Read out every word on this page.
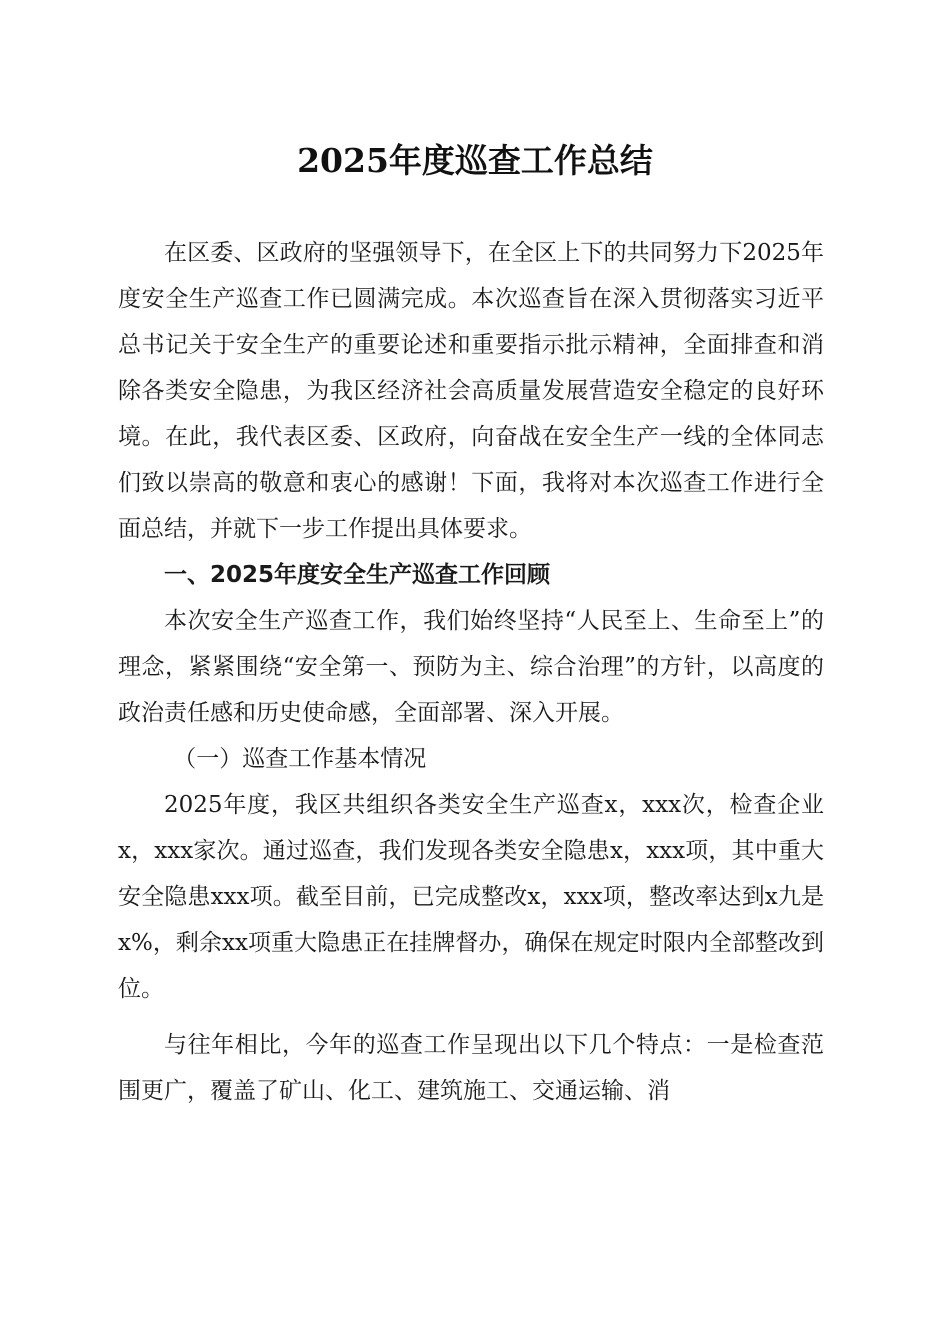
2025年度巡查工作总结

在区委、区政府的坚强领导下，在全区上下的共同努力下2025年度安全生产巡查工作已圆满完成。本次巡查旨在深入贯彻落实习近平总书记关于安全生产的重要论述和重要指示批示精神，全面排查和消除各类安全隐患，为我区经济社会高质量发展营造安全稳定的良好环境。在此，我代表区委、区政府，向奋战在安全生产一线的全体同志们致以崇高的敬意和衷心的感谢！下面，我将对本次巡查工作进行全面总结，并就下一步工作提出具体要求。

一、2025年度安全生产巡查工作回顾

本次安全生产巡查工作，我们始终坚持“人民至上、生命至上”的理念，紧紧围绕“安全第一、预防为主、综合治理”的方针，以高度的政治责任感和历史使命感，全面部署、深入开展。

（一）巡查工作基本情况

2025年度，我区共组织各类安全生产巡查x，xxx次，检查企业x，xxx家次。通过巡查，我们发现各类安全隐患x，xxx项，其中重大安全隐患xxx项。截至目前，已完成整改x，xxx项，整改率达到x九是x%，剩余xx项重大隐患正在挂牌督办，确保在规定时限内全部整改到位。

与往年相比，今年的巡查工作呈现出以下几个特点：一是检查范围更广，覆盖了矿山、化工、建筑施工、交通运输、消
